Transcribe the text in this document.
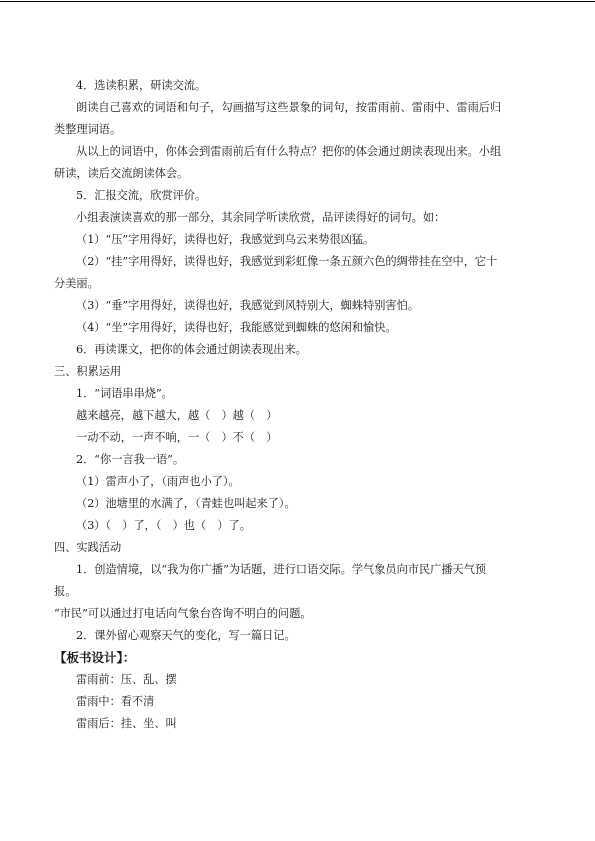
4．选读积累，研读交流。
朗读自己喜欢的词语和句子，勾画描写这些景象的词句，按雷雨前、雷雨中、雷雨后归
类整理词语。
从以上的词语中，你体会到雷雨前后有什么特点？把你的体会通过朗读表现出来。小组
研读，读后交流朗读体会。
5．汇报交流，欣赏评价。
小组表演读喜欢的那一部分，其余同学听读欣赏，品评读得好的词句。如：
（1）“压”字用得好，读得也好，我感觉到乌云来势很凶猛。
（2）“挂”字用得好，读得也好，我感觉到彩虹像一条五颜六色的绸带挂在空中，它十
分美丽。
（3）“垂”字用得好，读得也好，我感觉到风特别大，蜘蛛特别害怕。
（4）“坐”字用得好，读得也好，我能感觉到蜘蛛的悠闲和愉快。
6．再读课文，把你的体会通过朗读表现出来。
三、积累运用
1．“词语串串烧”。
越来越亮，越下越大，越（　）越（　）
一动不动，一声不响，一（　）不（　）
2．“你一言我一语”。
（1）雷声小了，（雨声也小了）。
（2）池塘里的水满了，（青蛙也叫起来了）。
（3）（　）了，（　）也（　）了。
四、实践活动
1．创造情境，以“我为你广播”为话题，进行口语交际。学气象员向市民广播天气预
报。
“市民”可以通过打电话向气象台咨询不明白的问题。
2．课外留心观察天气的变化，写一篇日记。
【板书设计】：
雷雨前：压、乱、摆
雷雨中：看不清
雷雨后：挂、坐、叫
